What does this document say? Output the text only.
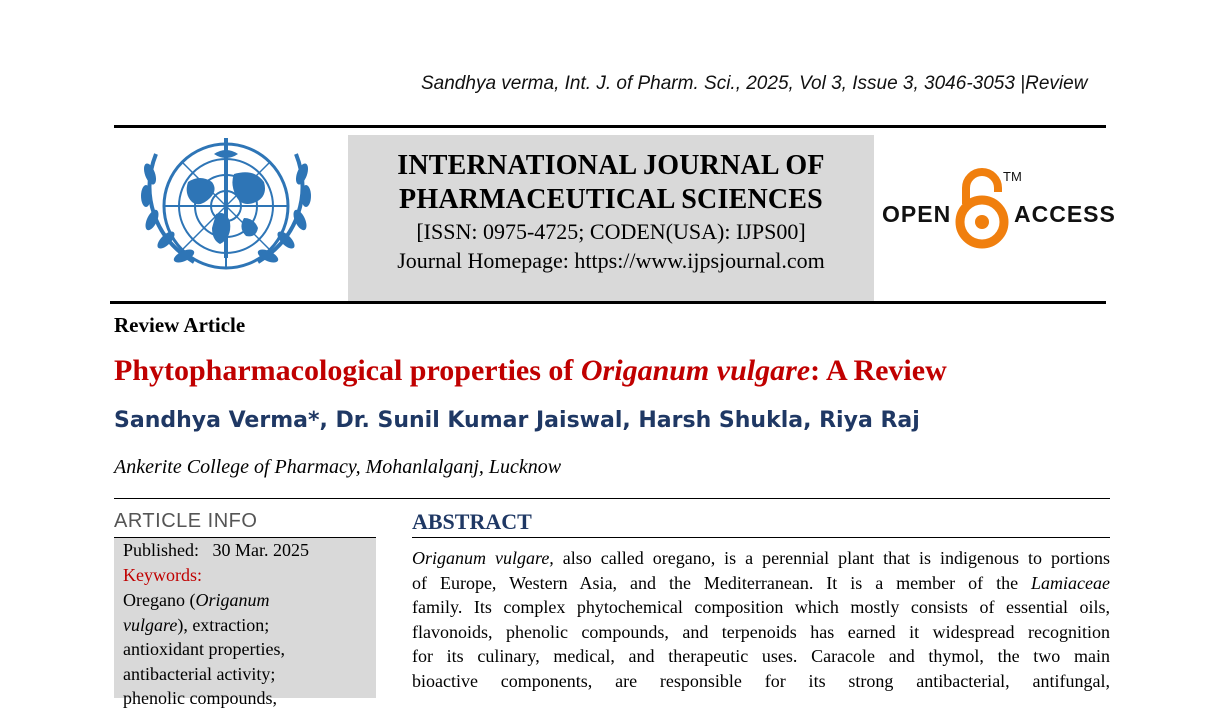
Sandhya verma, Int. J. of Pharm. Sci., 2025, Vol 3, Issue 3, 3046-3053 |Review
INTERNATIONAL JOURNAL OF
PHARMACEUTICAL SCIENCES
[ISSN: 0975-4725; CODEN(USA): IJPS00]
Journal Homepage: https://www.ijpsjournal.com
OPEN
TM
ACCESS
Review Article
Phytopharmacological properties of Origanum vulgare: A Review
Sandhya Verma*, Dr. Sunil Kumar Jaiswal, Harsh Shukla, Riya Raj
Ankerite College of Pharmacy, Mohanlalganj, Lucknow
ARTICLE INFO
Published: 30 Mar. 2025
Keywords:
Oregano (Origanum
vulgare), extraction;
antioxidant properties,
antibacterial activity;
phenolic compounds,
ABSTRACT
Origanum vulgare, also called oregano, is a perennial plant that is indigenous to portions
of Europe, Western Asia, and the Mediterranean. It is a member of the Lamiaceae
family. Its complex phytochemical composition which mostly consists of essential oils,
flavonoids, phenolic compounds, and terpenoids has earned it widespread recognition
for its culinary, medical, and therapeutic uses. Caracole and thymol, the two main
bioactive components, are responsible for its strong antibacterial, antifungal,
